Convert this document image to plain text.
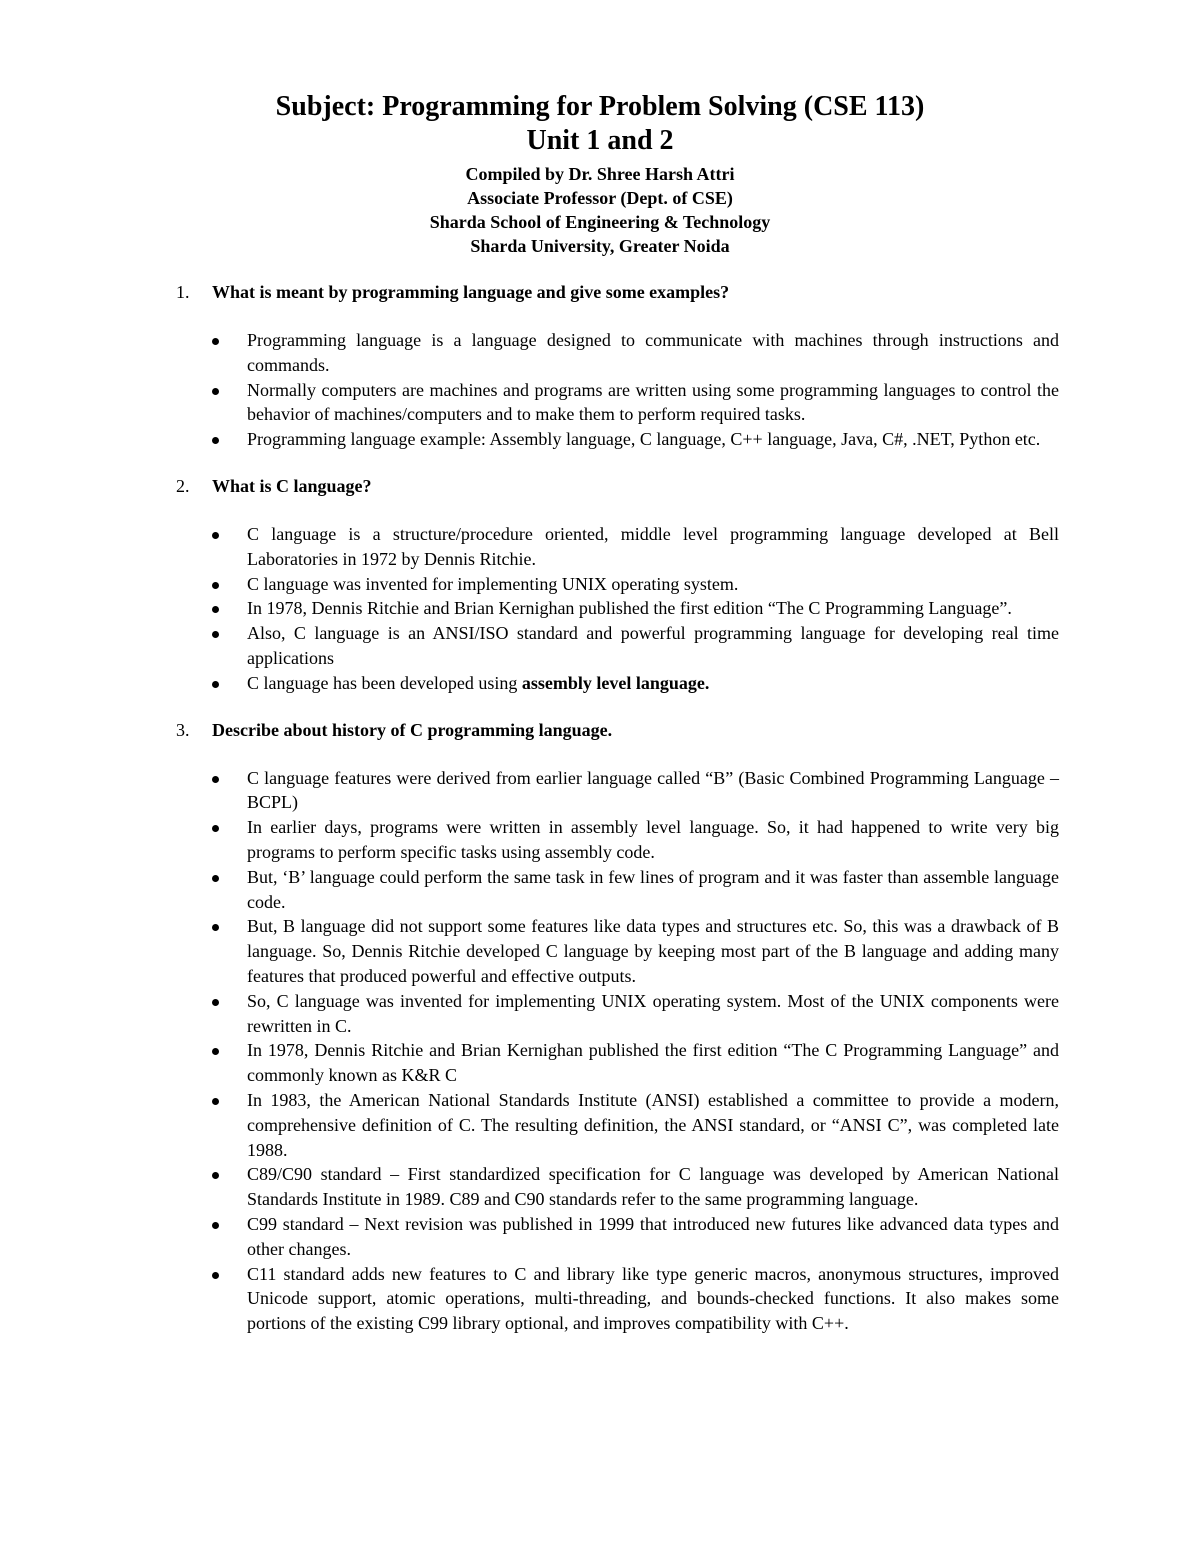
Subject: Programming for Problem Solving (CSE 113)

Unit 1 and 2

Compiled by Dr. Shree Harsh Attri

Associate Professor (Dept. of CSE)

Sharda School of Engineering & Technology

Sharda University, Greater Noida

1. What is meant by programming language and give some examples?
Programming language is a language designed to communicate with machines through instructions and commands.
Normally computers are machines and programs are written using some programming languages to control the behavior of machines/computers and to make them to perform required tasks.
Programming language example: Assembly language, C language, C++ language, Java, C#, .NET, Python etc.
2. What is C language?
C language is a structure/procedure oriented, middle level programming language developed at Bell Laboratories in 1972 by Dennis Ritchie.
C language was invented for implementing UNIX operating system.
In 1978, Dennis Ritchie and Brian Kernighan published the first edition “The C Programming Language”.
Also, C language is an ANSI/ISO standard and powerful programming language for developing real time applications
C language has been developed using assembly level language.
3. Describe about history of C programming language.
C language features were derived from earlier language called “B” (Basic Combined Programming Language – BCPL)
In earlier days, programs were written in assembly level language. So, it had happened to write very big programs to perform specific tasks using assembly code.
But, ‘B’ language could perform the same task in few lines of program and it was faster than assemble language code.
But, B language did not support some features like data types and structures etc. So, this was a drawback of B language. So, Dennis Ritchie developed C language by keeping most part of the B language and adding many features that produced powerful and effective outputs.
So, C language was invented for implementing UNIX operating system. Most of the UNIX components were rewritten in C.
In 1978, Dennis Ritchie and Brian Kernighan published the first edition “The C Programming Language” and commonly known as K&R C
In 1983, the American National Standards Institute (ANSI) established a committee to provide a modern, comprehensive definition of C. The resulting definition, the ANSI standard, or “ANSI C”, was completed late 1988.
C89/C90 standard – First standardized specification for C language was developed by American National Standards Institute in 1989. C89 and C90 standards refer to the same programming language.
C99 standard – Next revision was published in 1999 that introduced new futures like advanced data types and other changes.
C11 standard adds new features to C and library like type generic macros, anonymous structures, improved Unicode support, atomic operations, multi-threading, and bounds-checked functions. It also makes some portions of the existing C99 library optional, and improves compatibility with C++.
